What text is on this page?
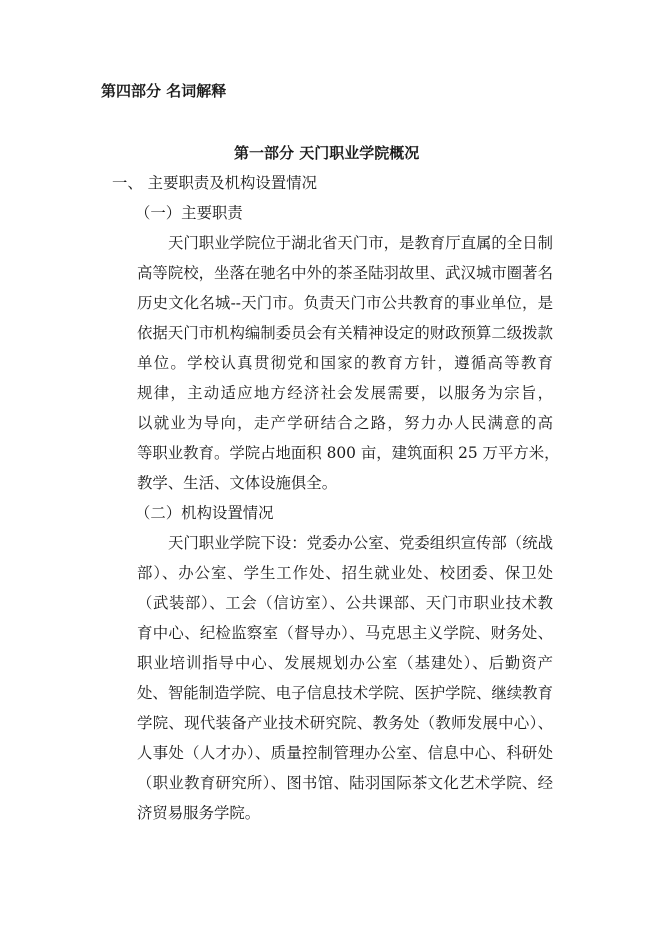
第四部分 名词解释
第一部分 天门职业学院概况
一、 主要职责及机构设置情况
（一）主要职责
天门职业学院位于湖北省天门市，是教育厅直属的全日制
高等院校，坐落在驰名中外的茶圣陆羽故里、武汉城市圈著名
历史文化名城--天门市。负责天门市公共教育的事业单位，是
依据天门市机构编制委员会有关精神设定的财政预算二级拨款
单位。学校认真贯彻党和国家的教育方针，遵循高等教育
规律，主动适应地方经济社会发展需要，以服务为宗旨，
以就业为导向，走产学研结合之路，努力办人民满意的高
等职业教育。学院占地面积 800 亩，建筑面积 25 万平方米，
教学、生活、文体设施俱全。
（二）机构设置情况
天门职业学院下设：党委办公室、党委组织宣传部（统战
部）、办公室、学生工作处、招生就业处、校团委、保卫处
（武装部）、工会（信访室）、公共课部、天门市职业技术教
育中心、纪检监察室（督导办）、马克思主义学院、财务处、
职业培训指导中心、发展规划办公室（基建处）、后勤资产
处、智能制造学院、电子信息技术学院、医护学院、继续教育
学院、现代装备产业技术研究院、教务处（教师发展中心）、
人事处（人才办）、质量控制管理办公室、信息中心、科研处
（职业教育研究所）、图书馆、陆羽国际茶文化艺术学院、经
济贸易服务学院。
